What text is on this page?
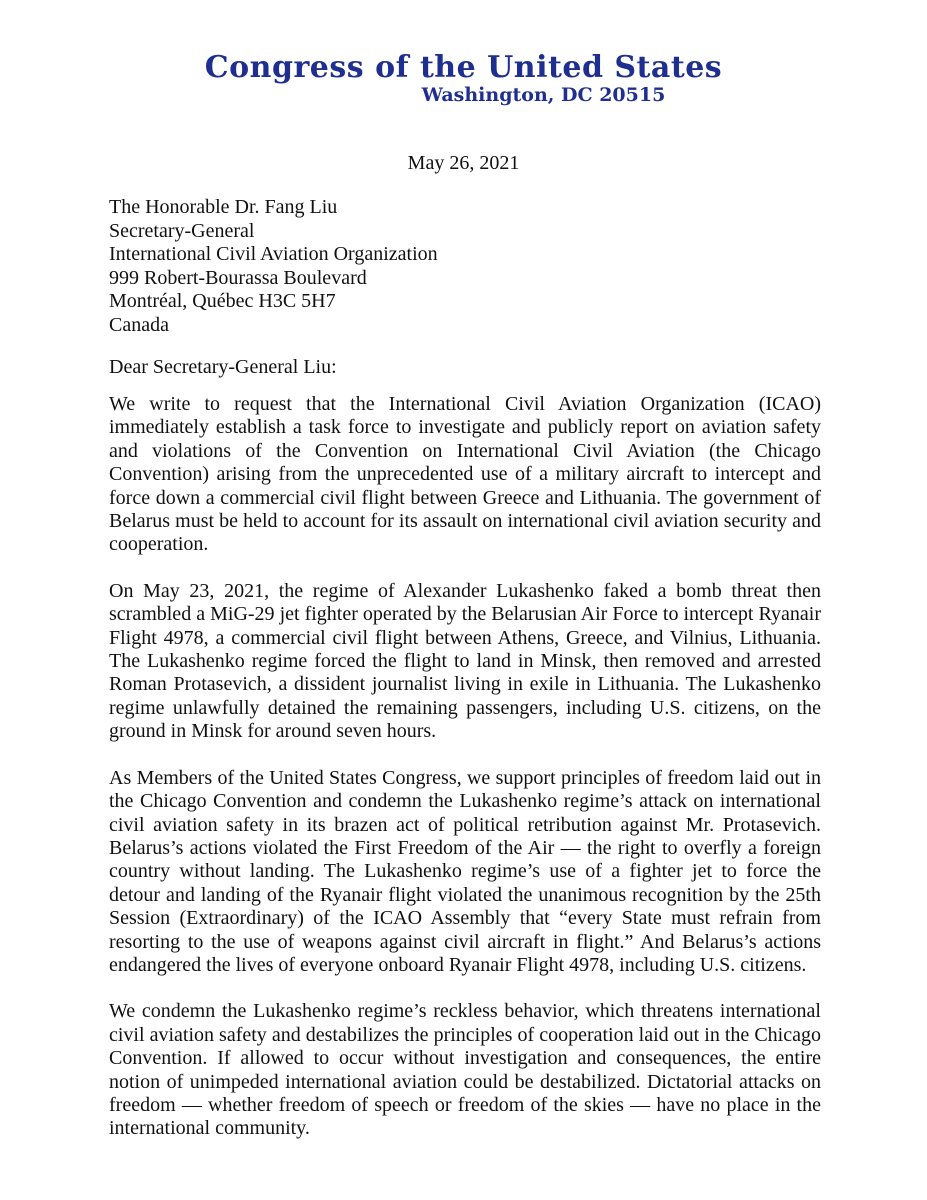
Congress of the United States
Washington, DC 20515
May 26, 2021
The Honorable Dr. Fang Liu
Secretary-General
International Civil Aviation Organization
999 Robert-Bourassa Boulevard
Montréal, Québec H3C 5H7
Canada
Dear Secretary-General Liu:

We write to request that the International Civil Aviation Organization (ICAO) immediately establish a task force to investigate and publicly report on aviation safety and violations of the Convention on International Civil Aviation (the Chicago Convention) arising from the unprecedented use of a military aircraft to intercept and force down a commercial civil flight between Greece and Lithuania. The government of Belarus must be held to account for its assault on international civil aviation security and cooperation.

On May 23, 2021, the regime of Alexander Lukashenko faked a bomb threat then scrambled a MiG-29 jet fighter operated by the Belarusian Air Force to intercept Ryanair Flight 4978, a commercial civil flight between Athens, Greece, and Vilnius, Lithuania. The Lukashenko regime forced the flight to land in Minsk, then removed and arrested Roman Protasevich, a dissident journalist living in exile in Lithuania. The Lukashenko regime unlawfully detained the remaining passengers, including U.S. citizens, on the ground in Minsk for around seven hours.

As Members of the United States Congress, we support principles of freedom laid out in the Chicago Convention and condemn the Lukashenko regime’s attack on international civil aviation safety in its brazen act of political retribution against Mr. Protasevich. Belarus’s actions violated the First Freedom of the Air — the right to overfly a foreign country without landing. The Lukashenko regime’s use of a fighter jet to force the detour and landing of the Ryanair flight violated the unanimous recognition by the 25th Session (Extraordinary) of the ICAO Assembly that “every State must refrain from resorting to the use of weapons against civil aircraft in flight.” And Belarus’s actions endangered the lives of everyone onboard Ryanair Flight 4978, including U.S. citizens.

We condemn the Lukashenko regime’s reckless behavior, which threatens international civil aviation safety and destabilizes the principles of cooperation laid out in the Chicago Convention. If allowed to occur without investigation and consequences, the entire notion of unimpeded international aviation could be destabilized. Dictatorial attacks on freedom — whether freedom of speech or freedom of the skies — have no place in the international community.
